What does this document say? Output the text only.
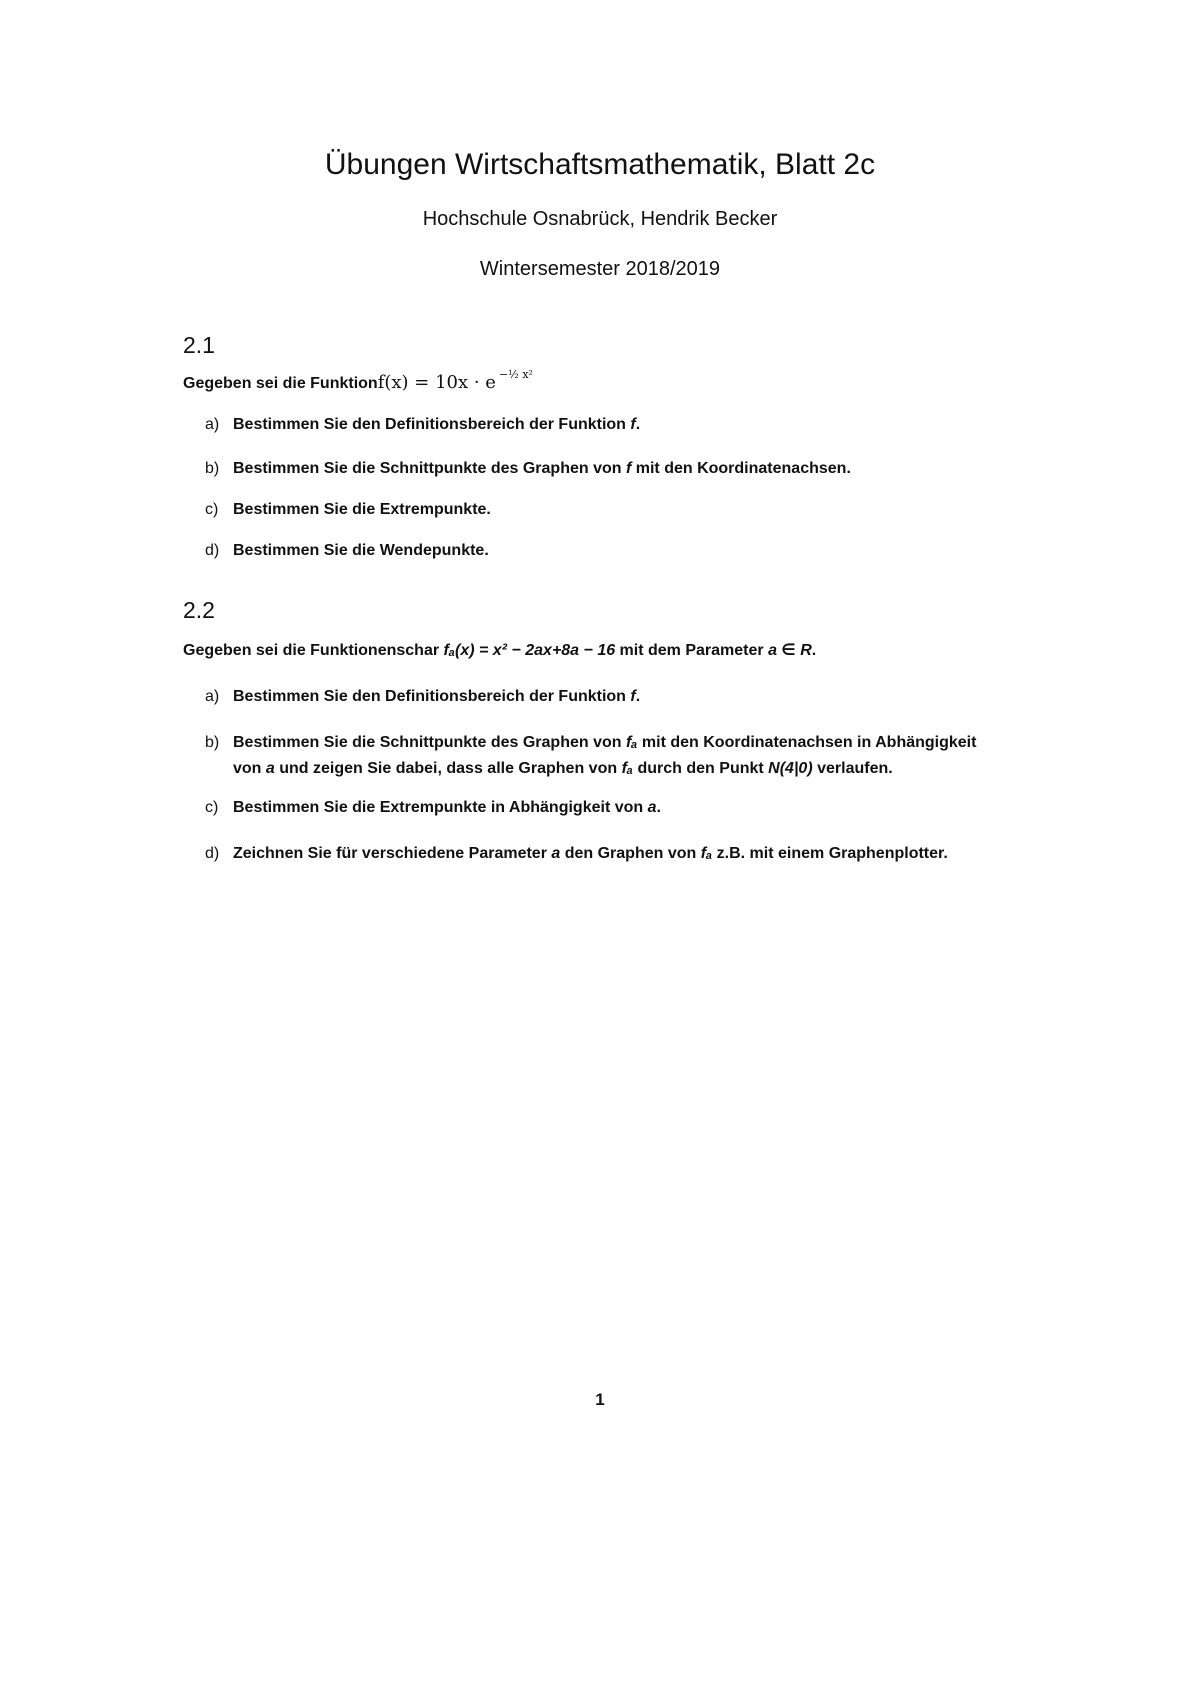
Übungen Wirtschaftsmathematik, Blatt 2c
Hochschule Osnabrück, Hendrik Becker
Wintersemester 2018/2019
2.1
Gegeben sei die Funktionf(x) = 10x · e $^{-\frac{1}{2} x^2}$
a) Bestimmen Sie den Definitionsbereich der Funktion f.
b) Bestimmen Sie die Schnittpunkte des Graphen von f mit den Koordinatenachsen.
c) Bestimmen Sie die Extrempunkte.
d) Bestimmen Sie die Wendepunkte.
2.2
Gegeben sei die Funktionenschar fₐ(x) = x² − 2ax+8a − 16 mit dem Parameter a ∈ R.
a) Bestimmen Sie den Definitionsbereich der Funktion f.
b) Bestimmen Sie die Schnittpunkte des Graphen von fₐ mit den Koordinatenachsen in Abhängigkeit
von a und zeigen Sie dabei, dass alle Graphen von fₐ durch den Punkt N(4|0) verlaufen.
c) Bestimmen Sie die Extrempunkte in Abhängigkeit von a.
d) Zeichnen Sie für verschiedene Parameter a den Graphen von fₐ z.B. mit einem Graphenplotter.
1
